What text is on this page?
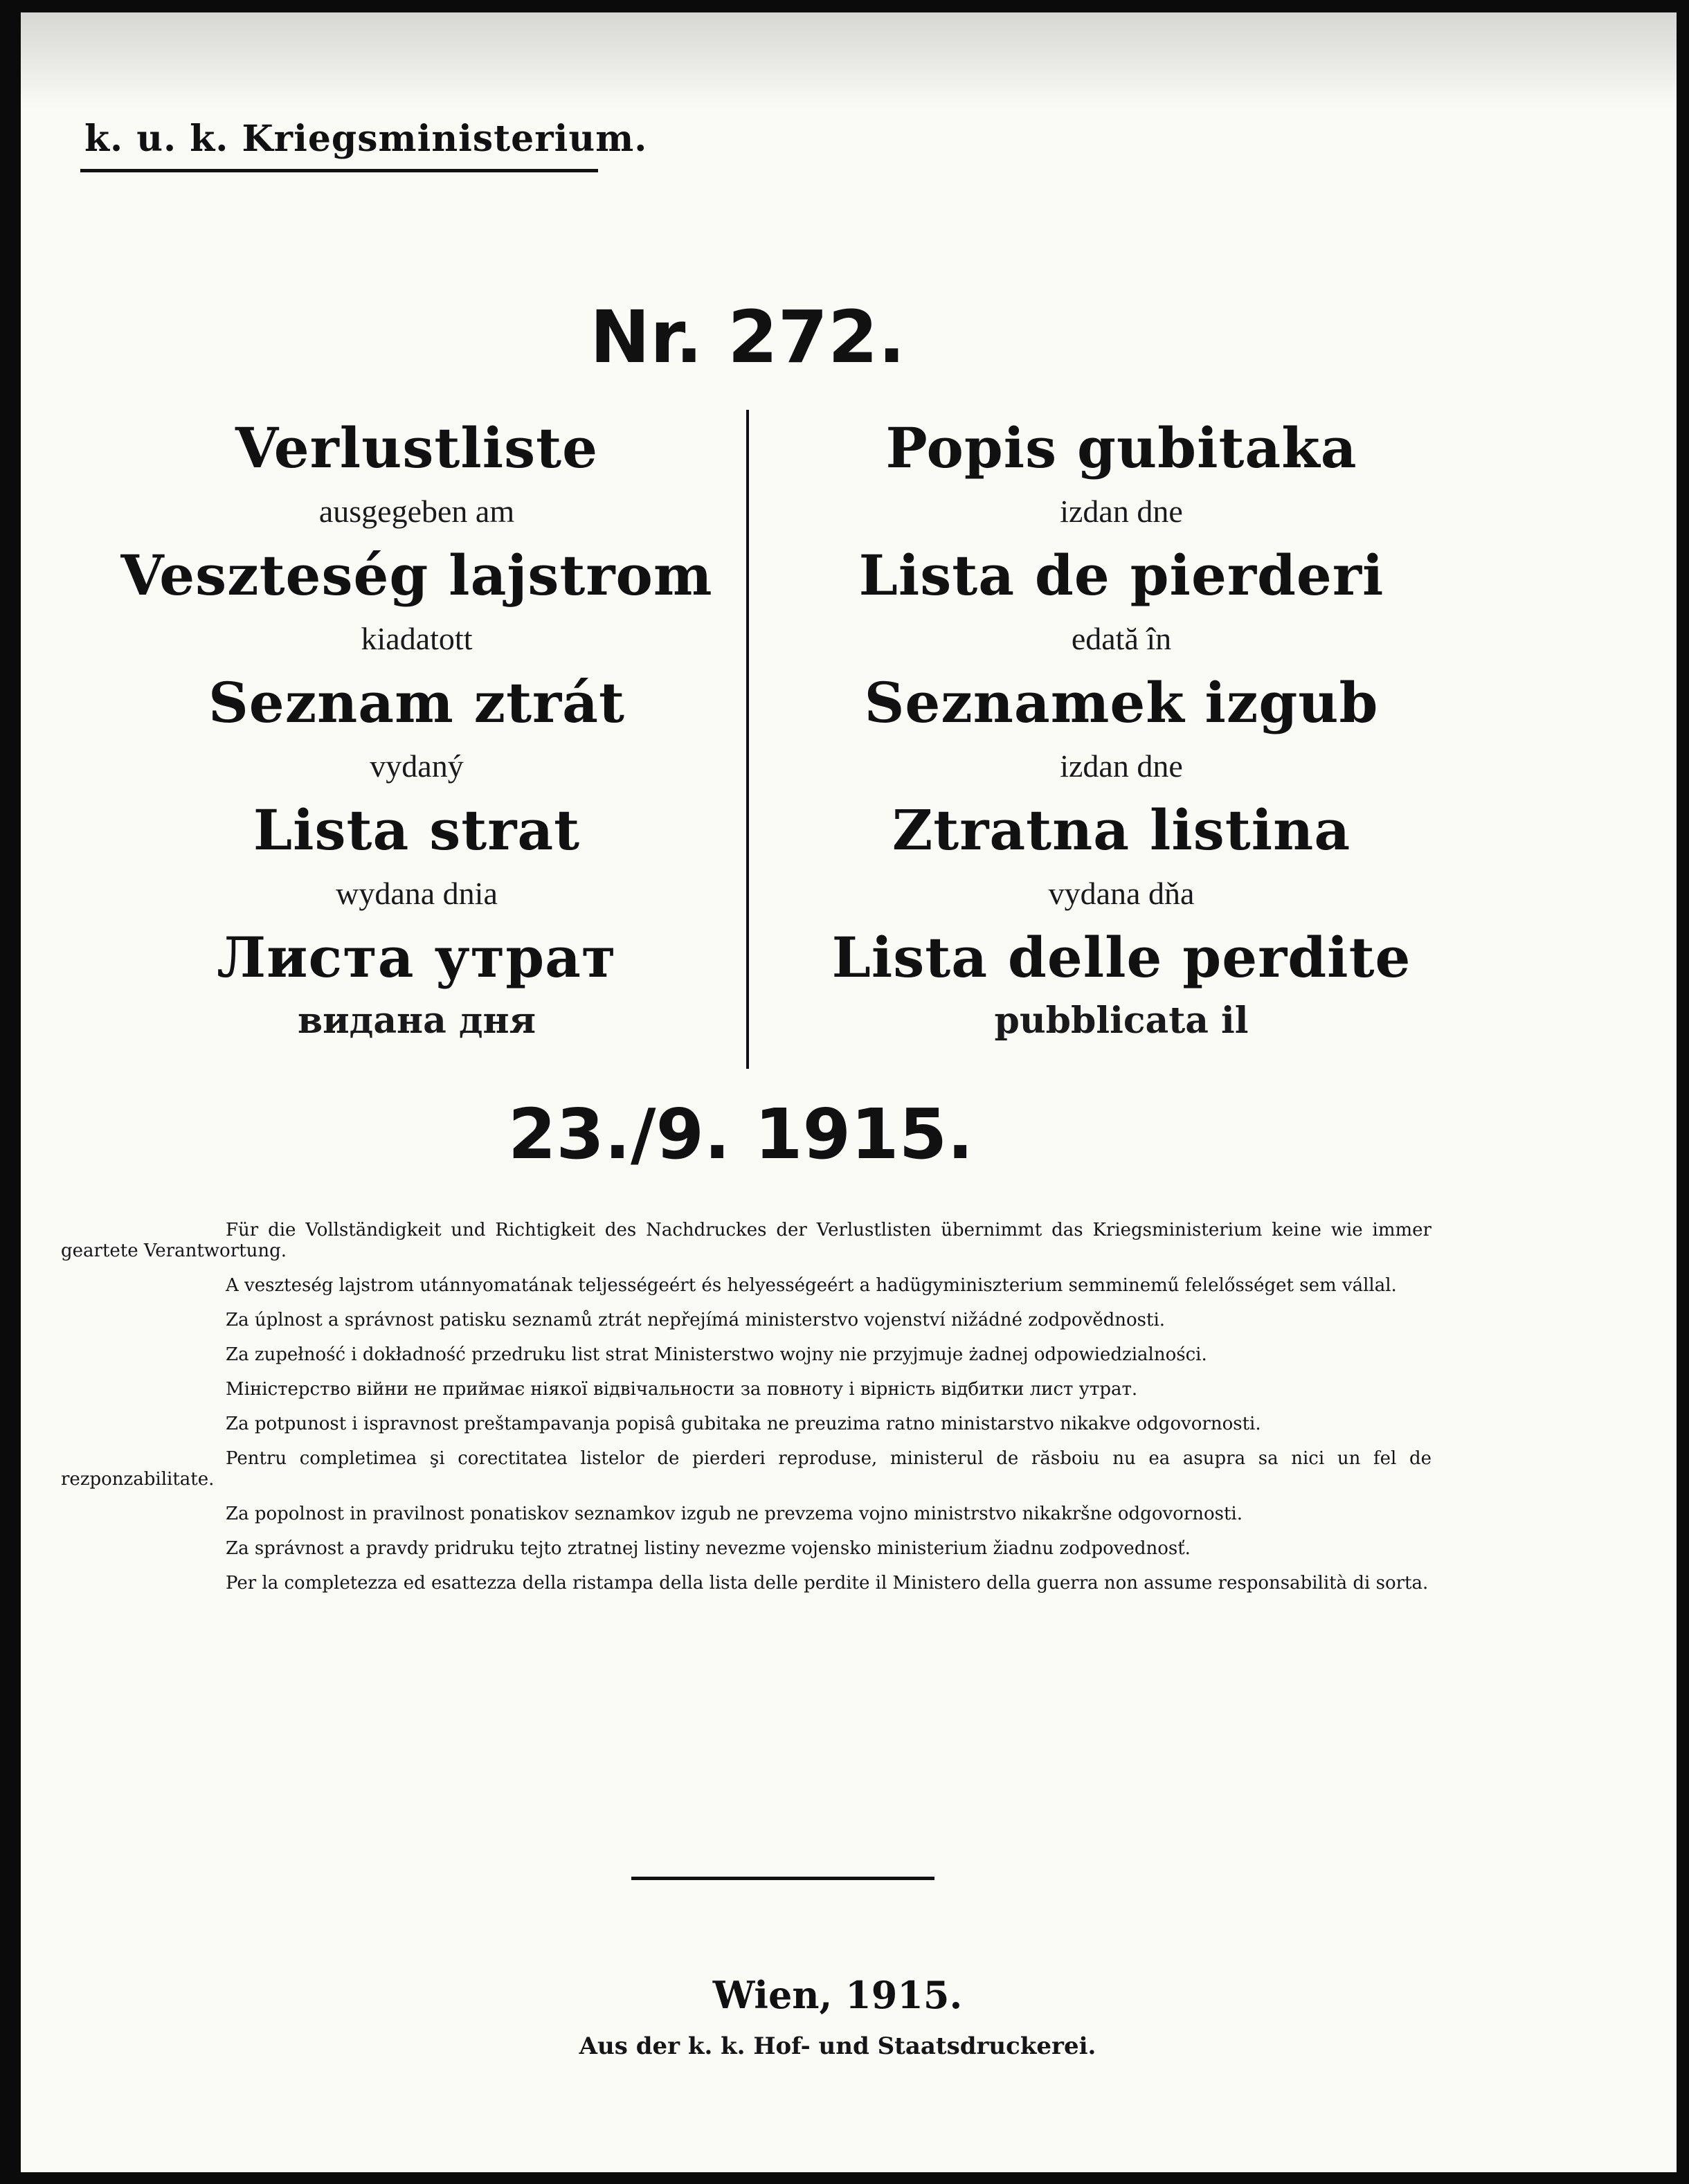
k. u. k. Kriegsministerium.
Nr. 272.
Verlustliste
ausgegeben am
Veszteség lajstrom
kiadatott
Seznam ztrát
vydaný
Lista strat
wydana dnia
Листа утрат
видана дня
Popis gubitaka
izdan dne
Lista de pierderi
edată în
Seznamek izgub
izdan dne
Ztratna listina
vydana dňa
Lista delle perdite
pubblicata il
23./9. 1915.

Für die Vollständigkeit und Richtigkeit des Nachdruckes der Verlustlisten übernimmt das Kriegsministerium keine wie immer geartete Verantwortung.

A veszteség lajstrom utánnyomatának teljességeért és helyességeért a hadügyminiszterium semminemű felelősséget sem vállal.

Za úplnost a správnost patisku seznamů ztrát nepřejímá ministerstvo vojenství nižádné zodpovědnosti.

Za zupełność i dokładność przedruku list strat Ministerstwo wojny nie przyjmuje żadnej odpowiedzialności.

Міністерство війни не приймає ніякої відвічальности за повноту і вірність відбитки лист утрат.

Za potpunost i ispravnost preštampavanja popisâ gubitaka ne preuzima ratno ministarstvo nikakve odgovornosti.

Pentru completimea şi corectitatea listelor de pierderi reproduse, ministerul de răsboiu nu ea asupra sa nici un fel de rezponzabilitate.

Za popolnost in pravilnost ponatiskov seznamkov izgub ne prevzema vojno ministrstvo nikakršne odgovornosti.

Za správnost a pravdy pridruku tejto ztratnej listiny nevezme vojensko ministerium žiadnu zodpovednosť.

Per la completezza ed esattezza della ristampa della lista delle perdite il Ministero della guerra non assume responsabilità di sorta.

Wien, 1915.
Aus der k. k. Hof- und Staatsdruckerei.
